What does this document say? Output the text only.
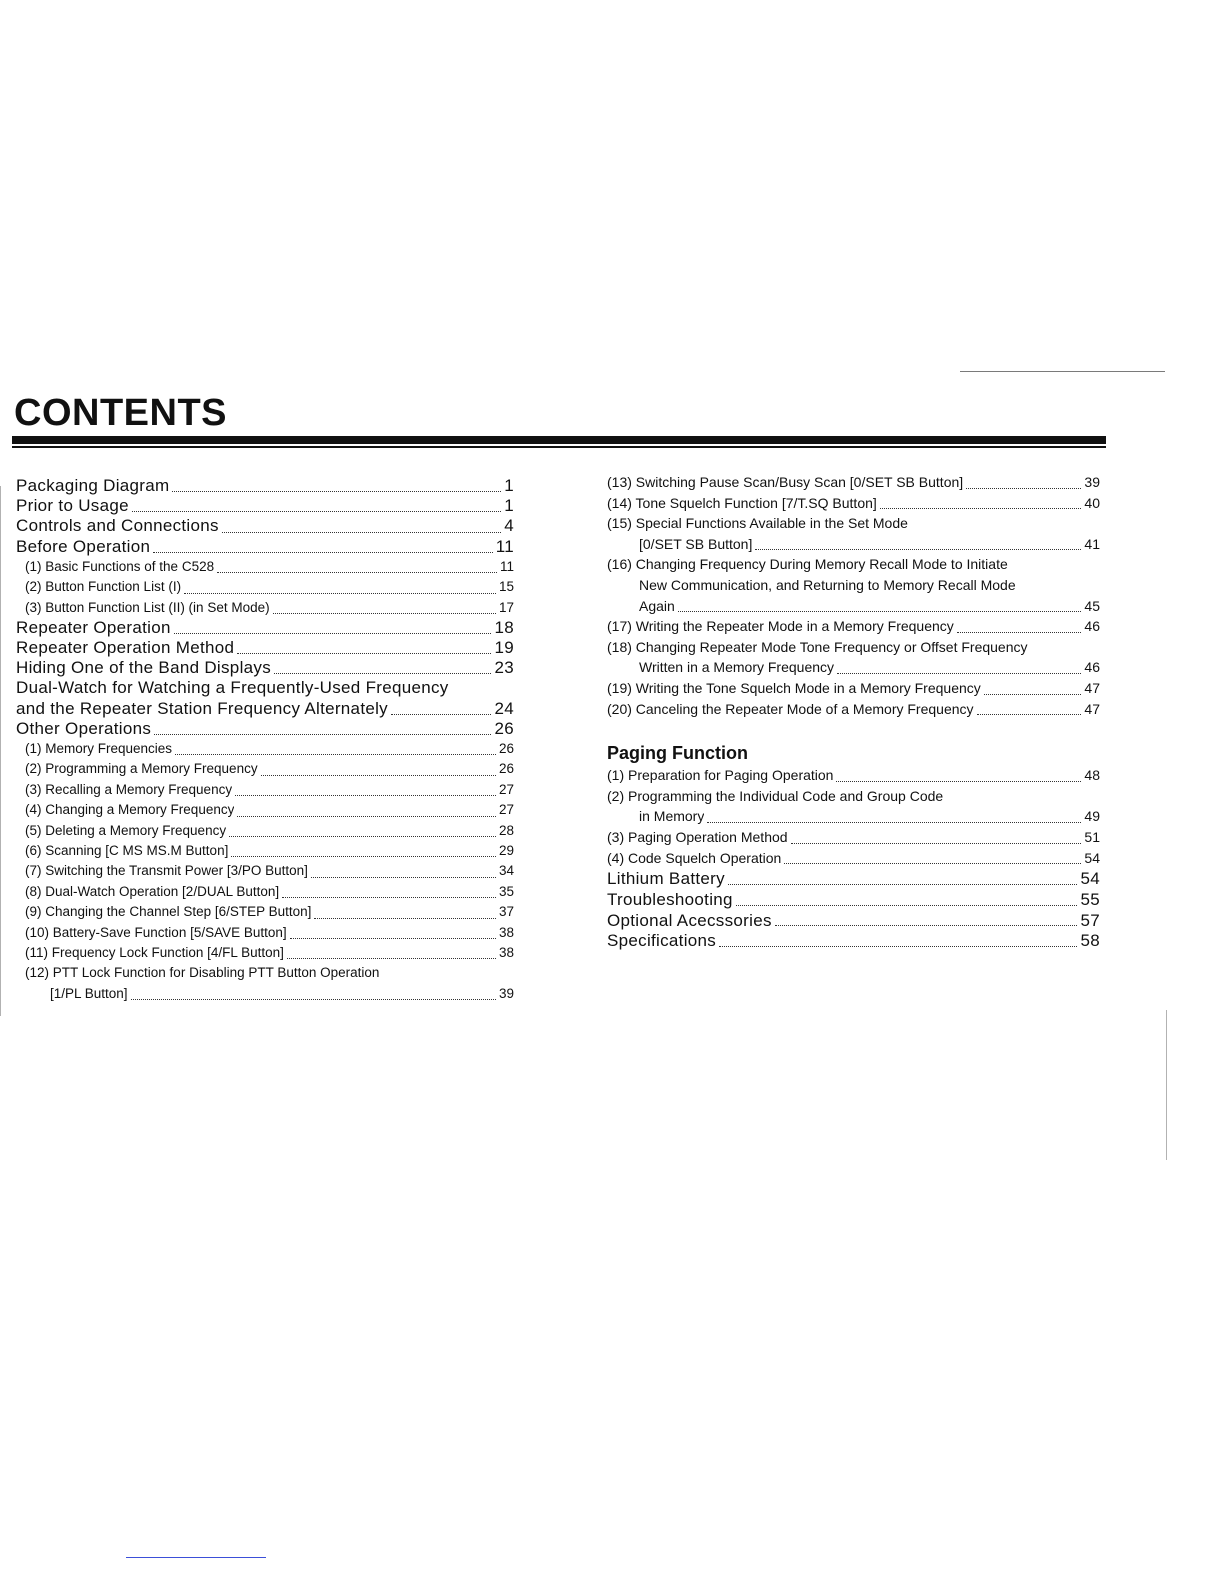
CONTENTS
Packaging Diagram	1
Prior to Usage	1
Controls and Connections	4
Before Operation	11
(1) Basic Functions of the C528	11
(2) Button Function List (I)	15
(3) Button Function List (II) (in Set Mode)	17
Repeater Operation	18
Repeater Operation Method	19
Hiding One of the Band Displays	23
Dual-Watch for Watching a Frequently-Used Frequency
and the Repeater Station Frequency Alternately	24
Other Operations	26
(1) Memory Frequencies	26
(2) Programming a Memory Frequency	26
(3) Recalling a Memory Frequency	27
(4) Changing a Memory Frequency	27
(5) Deleting a Memory Frequency	28
(6) Scanning [C MS MS.M Button]	29
(7) Switching the Transmit Power [3/PO Button]	34
(8) Dual-Watch Operation [2/DUAL Button]	35
(9) Changing the Channel Step [6/STEP Button]	37
(10) Battery-Save Function [5/SAVE Button]	38
(11) Frequency Lock Function [4/FL Button]	38
(12) PTT Lock Function for Disabling PTT Button Operation
[1/PL Button]	39
(13) Switching Pause Scan/Busy Scan [0/SET SB Button]	39
(14) Tone Squelch Function [7/T.SQ Button]	40
(15) Special Functions Available in the Set Mode
[0/SET SB Button]	41
(16) Changing Frequency During Memory Recall Mode to Initiate
New Communication, and Returning to Memory Recall Mode
Again	45
(17) Writing the Repeater Mode in a Memory Frequency	46
(18) Changing Repeater Mode Tone Frequency or Offset Frequency
Written in a Memory Frequency	46
(19) Writing the Tone Squelch Mode in a Memory Frequency	47
(20) Canceling the Repeater Mode of a Memory Frequency	47
Paging Function
(1) Preparation for Paging Operation	48
(2) Programming the Individual Code and Group Code
in Memory	49
(3) Paging Operation Method	51
(4) Code Squelch Operation	54
Lithium Battery	54
Troubleshooting	55
Optional Acecssories	57
Specifications	58
